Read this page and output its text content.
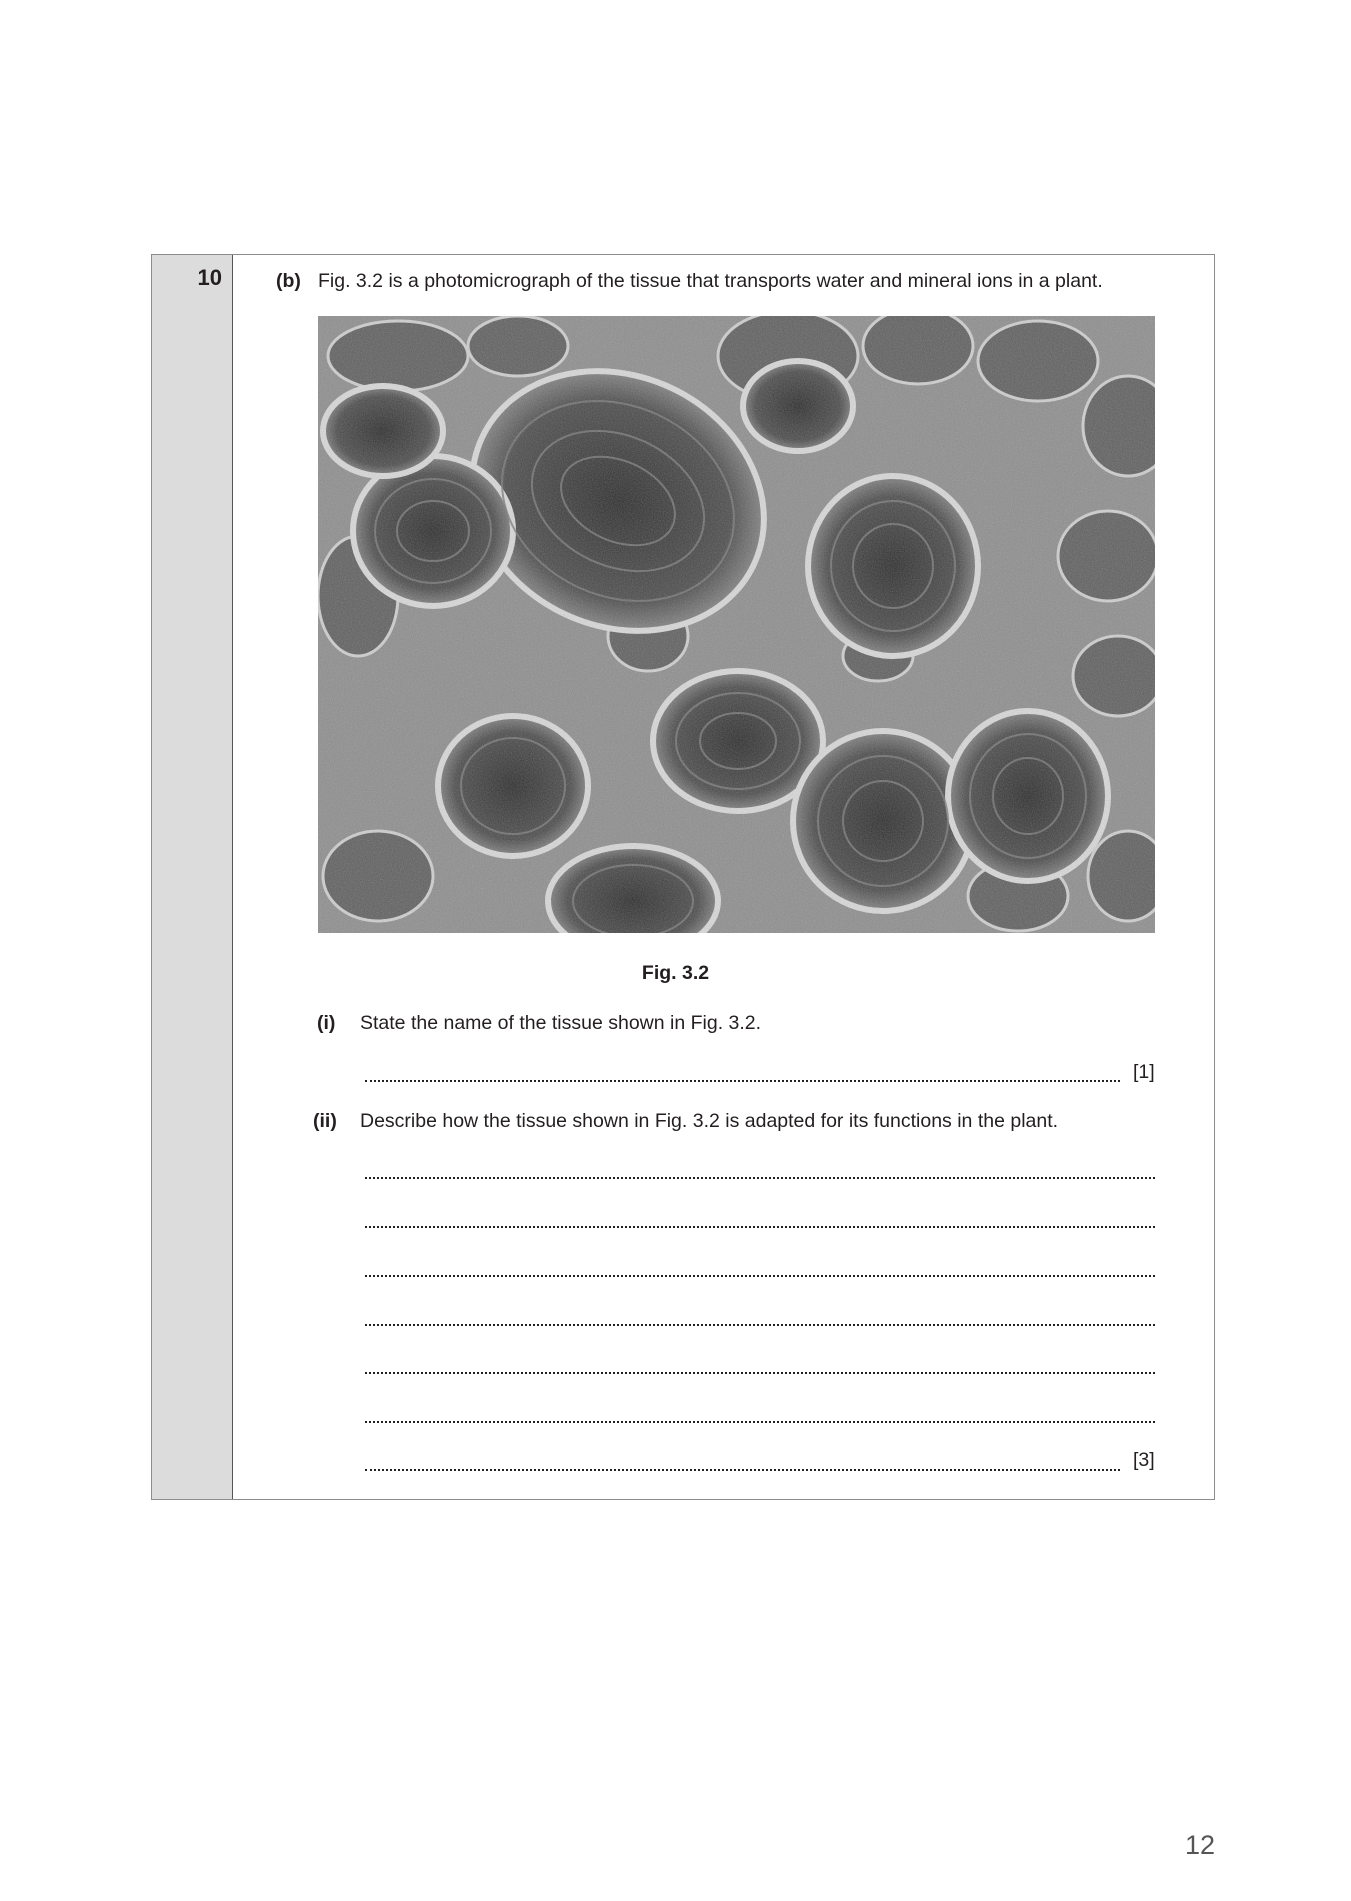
10	(b) Fig. 3.2 is a photomicrograph of the tissue that transports water and mineral ions in a plant.
Fig. 3.2
(i) State the name of the tissue shown in Fig. 3.2.
[1]
(ii) Describe how the tissue shown in Fig. 3.2 is adapted for its functions in the plant.
[3]
12
